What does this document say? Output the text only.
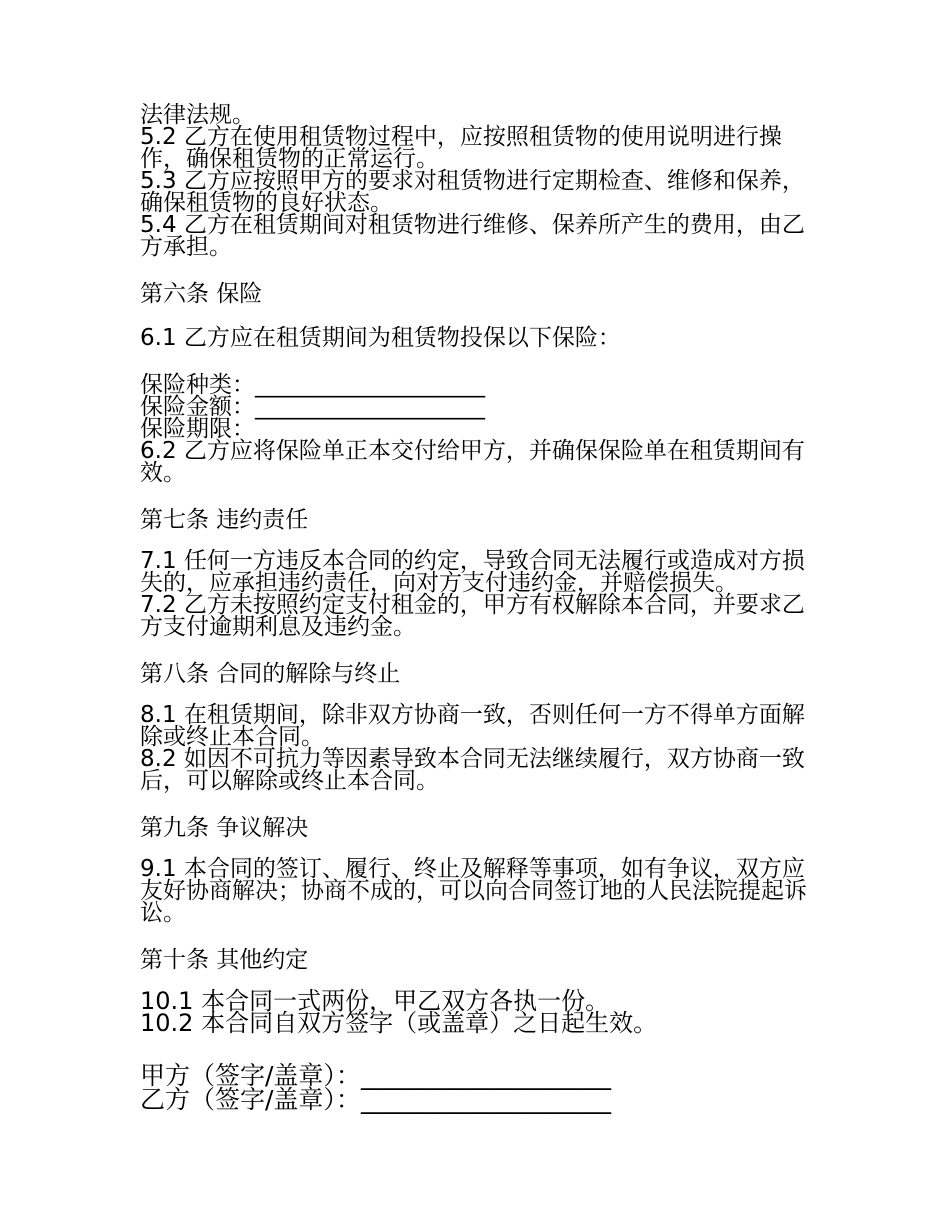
法律法规。

5.2 乙方在使用租赁物过程中，应按照租赁物的使用说明进行操作，确保租赁物的正常运行。

5.3 乙方应按照甲方的要求对租赁物进行定期检查、维修和保养，确保租赁物的良好状态。

5.4 乙方在租赁期间对租赁物进行维修、保养所产生的费用，由乙方承担。

第六条 保险

6.1 乙方应在租赁期间为租赁物投保以下保险：

保险种类：____________________

保险金额：____________________

保险期限：

6.2 乙方应将保险单正本交付给甲方，并确保保险单在租赁期间有效。

第七条 违约责任

7.1 任何一方违反本合同的约定，导致合同无法履行或造成对方损失的，应承担违约责任，向对方支付违约金，并赔偿损失。

7.2 乙方未按照约定支付租金的，甲方有权解除本合同，并要求乙方支付逾期利息及违约金。

第八条 合同的解除与终止

8.1 在租赁期间，除非双方协商一致，否则任何一方不得单方面解除或终止本合同。

8.2 如因不可抗力等因素导致本合同无法继续履行，双方协商一致后，可以解除或终止本合同。

第九条 争议解决

9.1 本合同的签订、履行、终止及解释等事项，如有争议，双方应友好协商解决；协商不成的，可以向合同签订地的人民法院提起诉讼。

第十条 其他约定

10.1 本合同一式两份，甲乙双方各执一份。

10.2 本合同自双方签字（或盖章）之日起生效。

甲方（签字/盖章）：____________________

乙方（签字/盖章）：____________________
